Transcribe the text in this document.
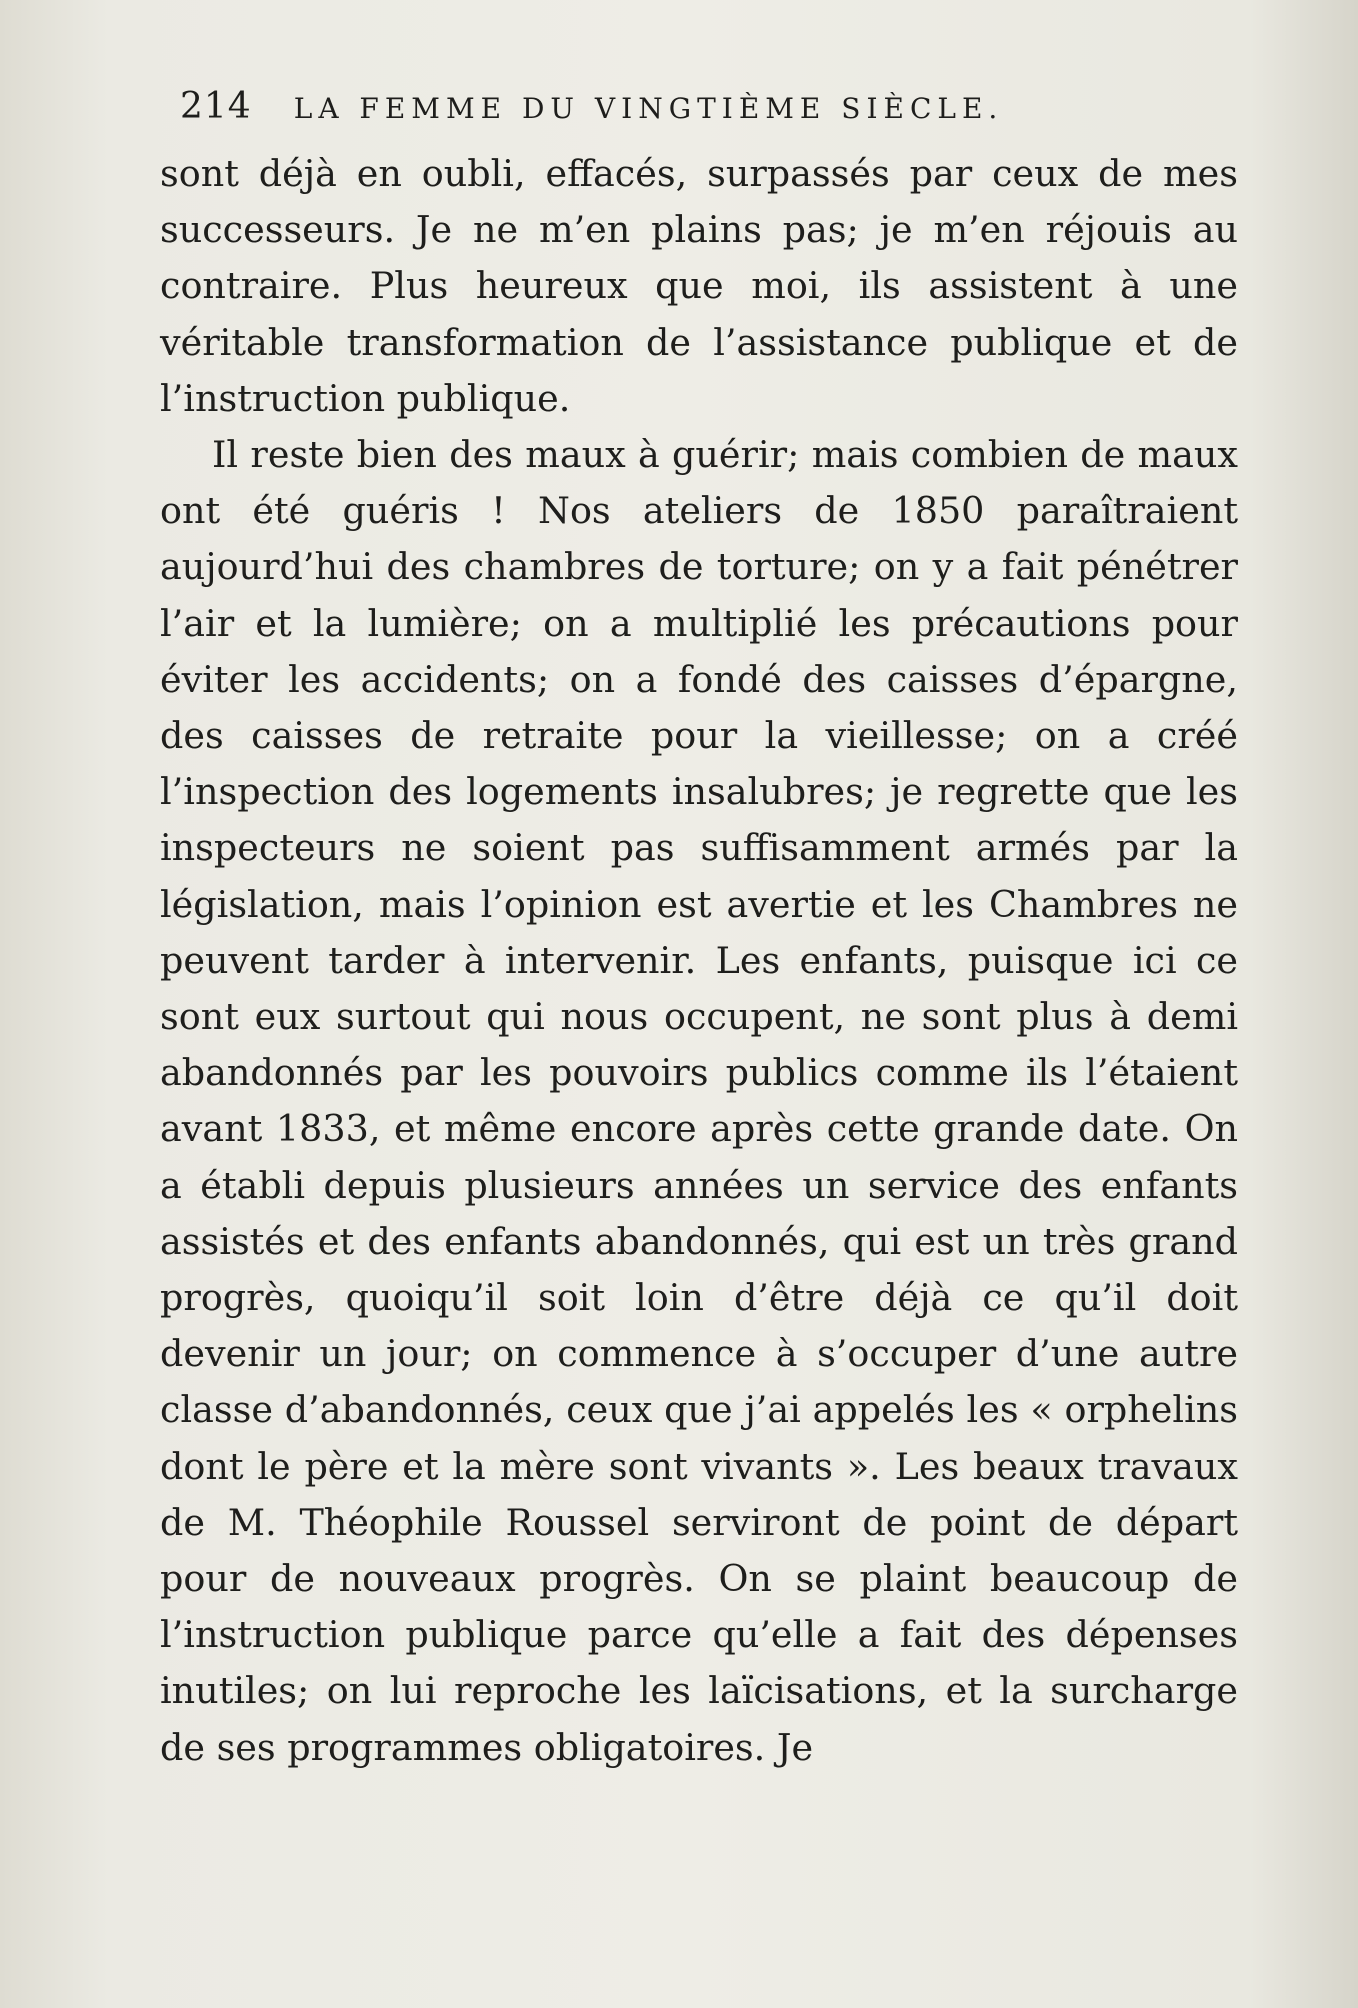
214 LA FEMME DU VINGTIÈME SIÈCLE.

sont déjà en oubli, effacés, surpassés par ceux de mes successeurs. Je ne m’en plains pas; je m’en réjouis au contraire. Plus heureux que moi, ils assistent à une véritable transformation de l’assistance publique et de l’instruction publique.

Il reste bien des maux à guérir; mais combien de maux ont été guéris ! Nos ateliers de 1850 paraîtraient aujourd’hui des chambres de torture; on y a fait pénétrer l’air et la lumière; on a multiplié les précautions pour éviter les accidents; on a fondé des caisses d’épargne, des caisses de retraite pour la vieillesse; on a créé l’inspection des logements insalubres; je regrette que les inspecteurs ne soient pas suffisamment armés par la législation, mais l’opinion est avertie et les Chambres ne peuvent tarder à intervenir. Les enfants, puisque ici ce sont eux surtout qui nous occupent, ne sont plus à demi abandonnés par les pouvoirs publics comme ils l’étaient avant 1833, et même encore après cette grande date. On a établi depuis plusieurs années un service des enfants assistés et des enfants abandonnés, qui est un très grand progrès, quoiqu’il soit loin d’être déjà ce qu’il doit devenir un jour; on commence à s’occuper d’une autre classe d’abandonnés, ceux que j’ai appelés les « orphelins dont le père et la mère sont vivants ». Les beaux travaux de M. Théophile Roussel serviront de point de départ pour de nouveaux progrès. On se plaint beaucoup de l’instruction publique parce qu’elle a fait des dépenses inutiles; on lui reproche les laïcisations, et la surcharge de ses programmes obligatoires. Je
